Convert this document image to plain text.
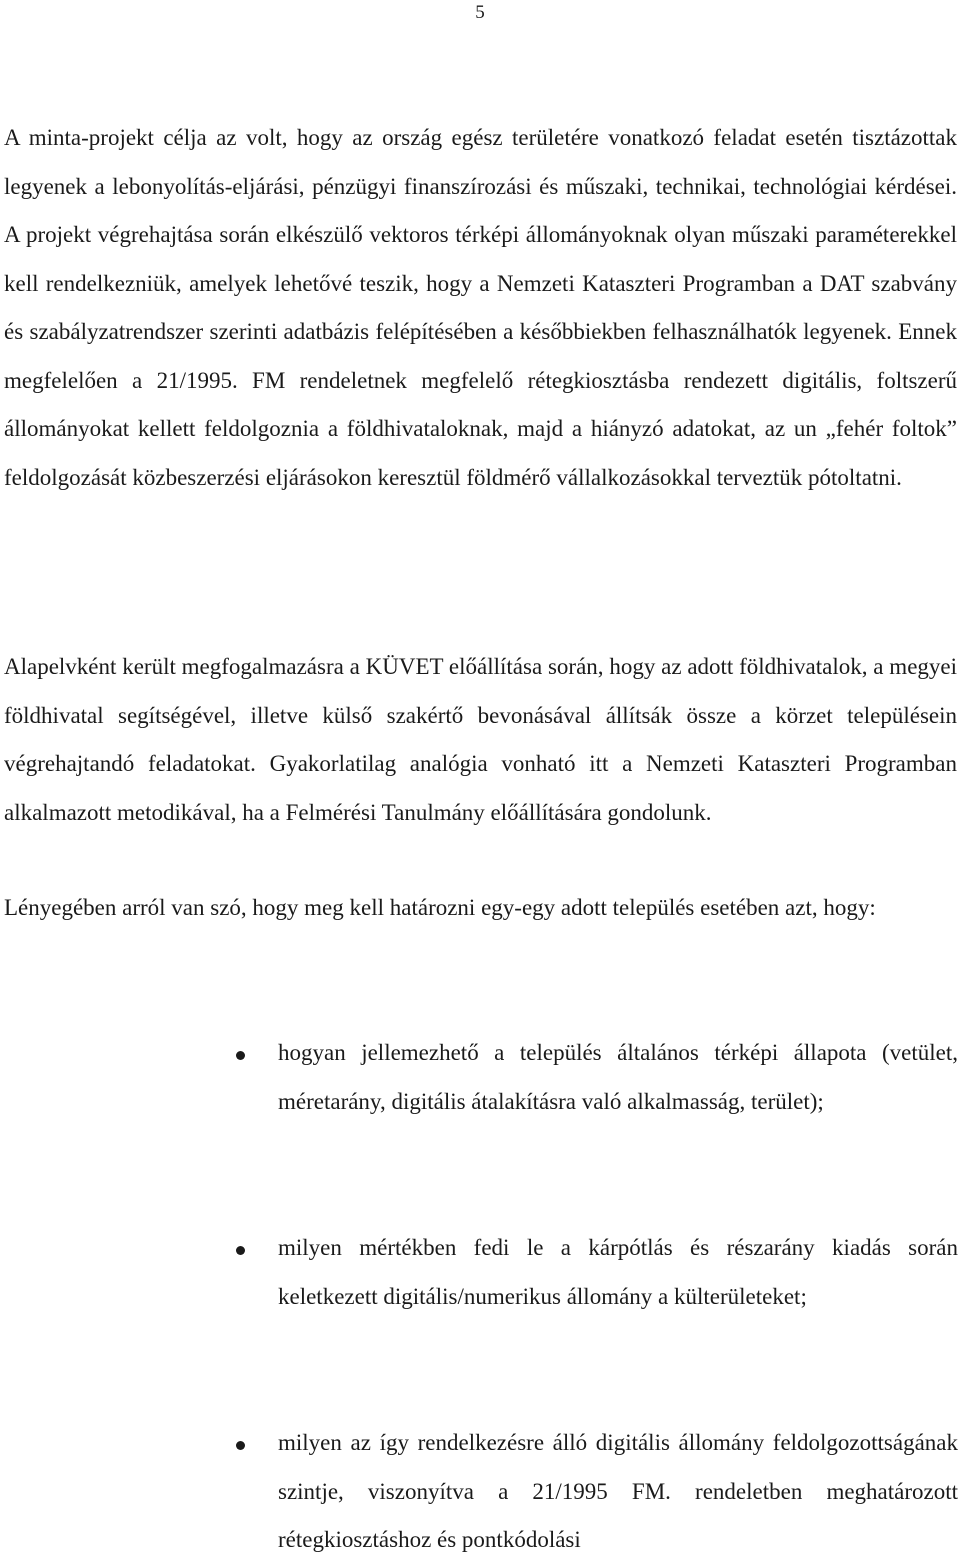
5

A minta-projekt célja az volt, hogy az ország egész területére vonatkozó feladat esetén tisztázottak legyenek a lebonyolítás-eljárási, pénzügyi finanszírozási és műszaki, technikai, technológiai kérdései. A projekt végrehajtása során elkészülő vektoros térképi állományoknak olyan műszaki paraméterekkel kell rendelkezniük, amelyek lehetővé teszik, hogy a Nemzeti Kataszteri Programban a DAT szabvány és szabályzatrendszer szerinti adatbázis felépítésében a későbbiekben felhasználhatók legyenek. Ennek megfelelően a 21/1995. FM rendeletnek megfelelő rétegkiosztásba rendezett digitális, foltszerű állományokat kellett feldolgoznia a földhivataloknak, majd a hiányzó adatokat, az un „fehér foltok” feldolgozását közbeszerzési eljárásokon keresztül földmérő vállalkozásokkal terveztük pótoltatni.

Alapelvként került megfogalmazásra a KÜVET előállítása során, hogy az adott földhivatalok, a megyei földhivatal segítségével, illetve külső szakértő bevonásával állítsák össze a körzet településein végrehajtandó feladatokat. Gyakorlatilag analógia vonható itt a Nemzeti Kataszteri Programban alkalmazott metodikával, ha a Felmérési Tanulmány előállítására gondolunk.

Lényegében arról van szó, hogy meg kell határozni egy-egy adott település esetében azt, hogy:

hogyan jellemezhető a település általános térképi állapota (vetület, méretarány, digitális átalakításra való alkalmasság, terület);

milyen mértékben fedi le a kárpótlás és részarány kiadás során keletkezett digitális/numerikus állomány a külterületeket;

milyen az így rendelkezésre álló digitális állomány feldolgozottságának szintje, viszonyítva a 21/1995 FM. rendeletben meghatározott rétegkiosztáshoz és pontkódolási
